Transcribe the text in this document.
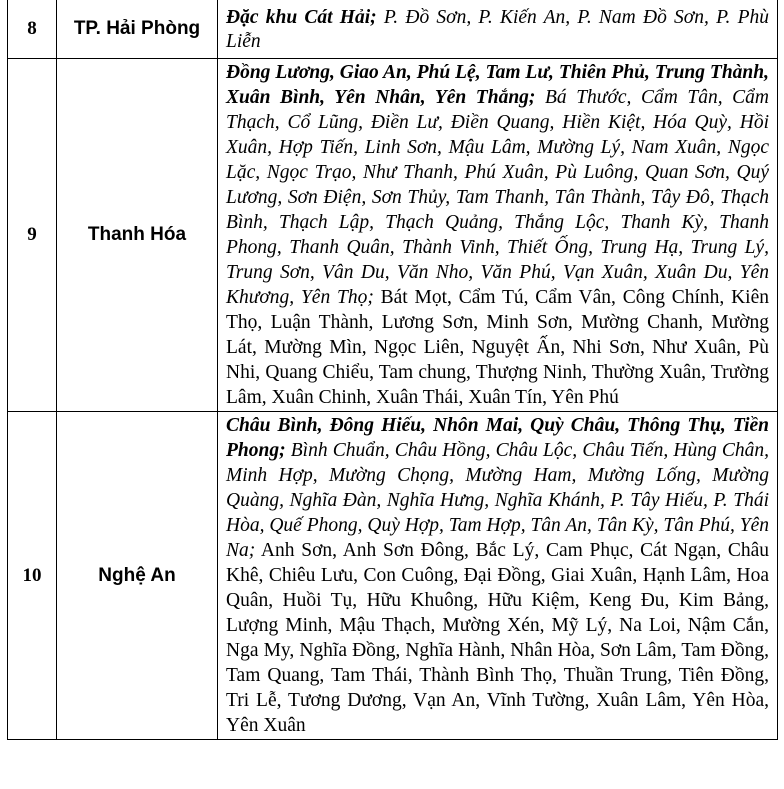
8	TP. Hải Phòng	Đặc khu Cát Hải; P. Đồ Sơn, P. Kiến An, P. Nam Đồ Sơn, P. Phù Liễn
9	Thanh Hóa	Đồng Lương, Giao An, Phú Lệ, Tam Lư, Thiên Phủ, Trung Thành, Xuân Bình, Yên Nhân, Yên Thắng; Bá Thước, Cẩm Tân, Cẩm Thạch, Cổ Lũng, Điền Lư, Điền Quang, Hiền Kiệt, Hóa Quỳ, Hồi Xuân, Hợp Tiến, Linh Sơn, Mậu Lâm, Mường Lý, Nam Xuân, Ngọc Lặc, Ngọc Trạo, Như Thanh, Phú Xuân, Pù Luông, Quan Sơn, Quý Lương, Sơn Điện, Sơn Thủy, Tam Thanh, Tân Thành, Tây Đô, Thạch Bình, Thạch Lập, Thạch Quảng, Thắng Lộc, Thanh Kỳ, Thanh Phong, Thanh Quân, Thành Vinh, Thiết Ống, Trung Hạ, Trung Lý, Trung Sơn, Vân Du, Văn Nho, Văn Phú, Vạn Xuân, Xuân Du, Yên Khương, Yên Thọ; Bát Mọt, Cẩm Tú, Cẩm Vân, Công Chính, Kiên Thọ, Luận Thành, Lương Sơn, Minh Sơn, Mường Chanh, Mường Lát, Mường Mìn, Ngọc Liên, Nguyệt Ấn, Nhi Sơn, Như Xuân, Pù Nhi, Quang Chiểu, Tam chung, Thượng Ninh, Thường Xuân, Trường Lâm, Xuân Chinh, Xuân Thái, Xuân Tín, Yên Phú
10	Nghệ An	Châu Bình, Đông Hiếu, Nhôn Mai, Quỳ Châu, Thông Thụ, Tiền Phong; Bình Chuẩn, Châu Hồng, Châu Lộc, Châu Tiến, Hùng Chân, Minh Hợp, Mường Chọng, Mường Ham, Mường Lống, Mường Quàng, Nghĩa Đàn, Nghĩa Hưng, Nghĩa Khánh, P. Tây Hiếu, P. Thái Hòa, Quế Phong, Quỳ Hợp, Tam Hợp, Tân An, Tân Kỳ, Tân Phú, Yên Na; Anh Sơn, Anh Sơn Đông, Bắc Lý, Cam Phục, Cát Ngạn, Châu Khê, Chiêu Lưu, Con Cuông, Đại Đồng, Giai Xuân, Hạnh Lâm, Hoa Quân, Huồi Tụ, Hữu Khuông, Hữu Kiệm, Keng Đu, Kim Bảng, Lượng Minh, Mậu Thạch, Mường Xén, Mỹ Lý, Na Loi, Nậm Cắn, Nga My, Nghĩa Đồng, Nghĩa Hành, Nhân Hòa, Sơn Lâm, Tam Đồng, Tam Quang, Tam Thái, Thành Bình Thọ, Thuần Trung, Tiên Đồng, Tri Lễ, Tương Dương, Vạn An, Vĩnh Tường, Xuân Lâm, Yên Hòa, Yên Xuân
